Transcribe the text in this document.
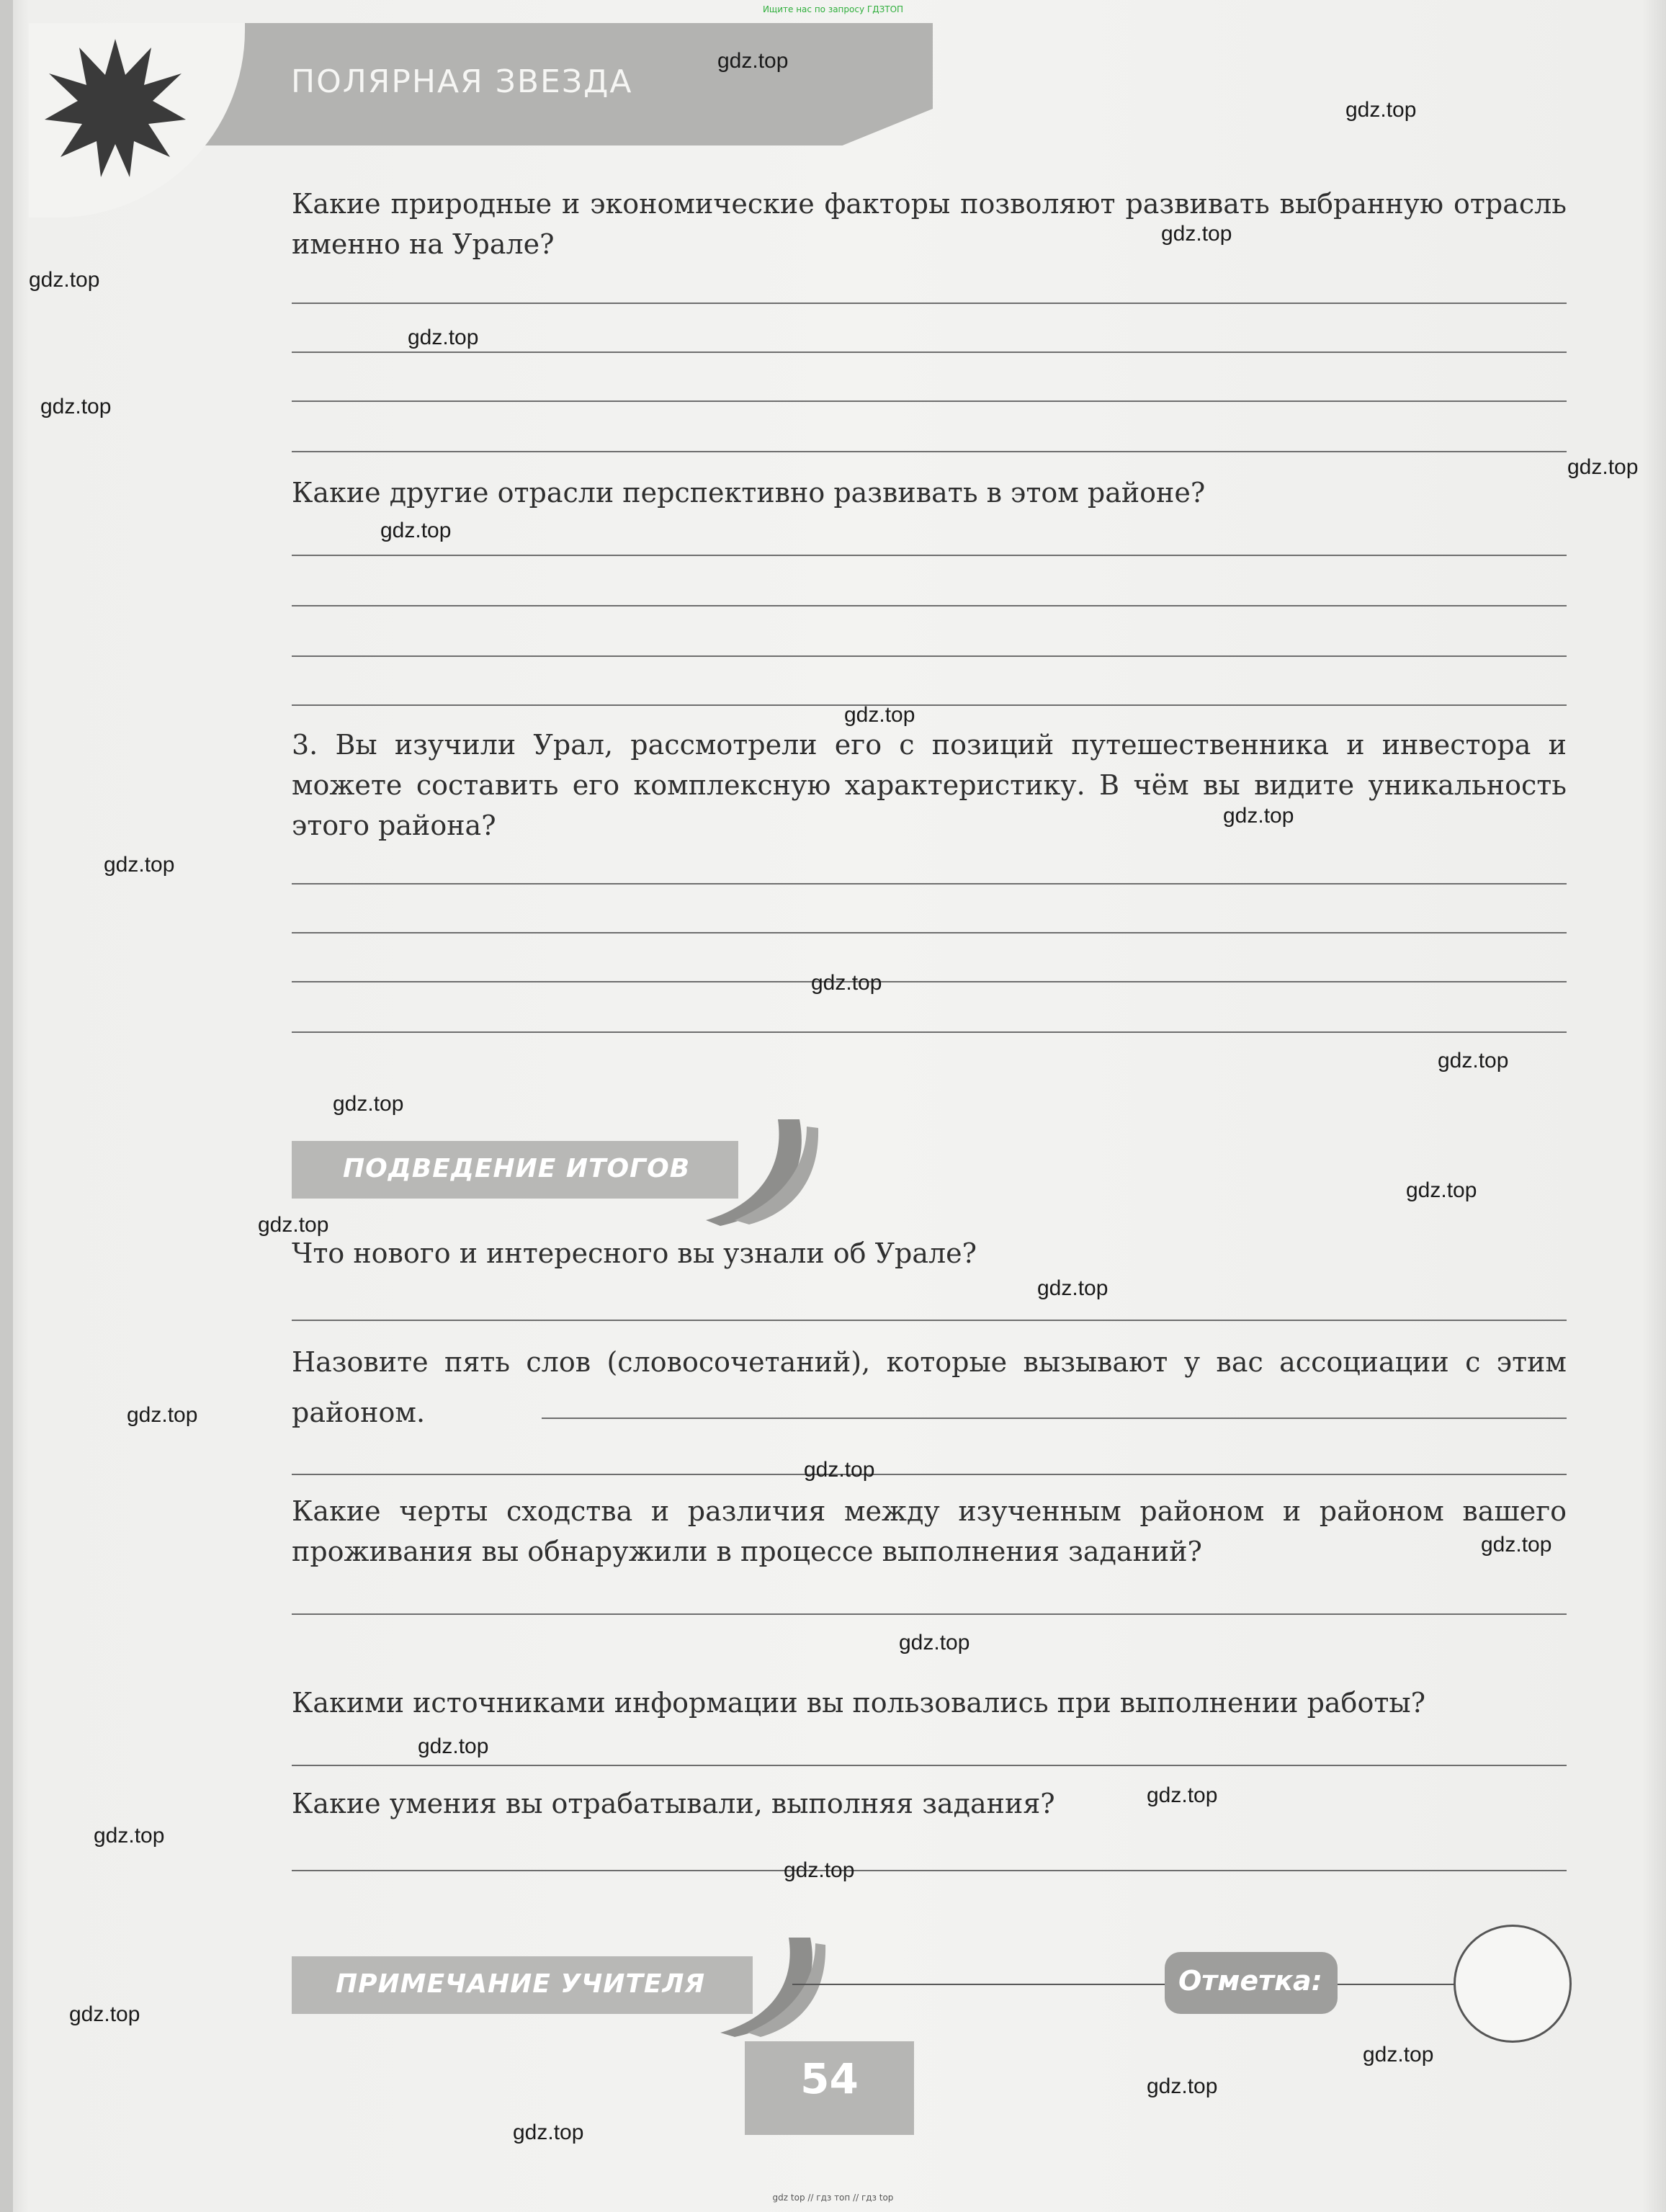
Ищите нас по запросу ГДЗТОП
ПОЛЯРНАЯ ЗВЕЗДА
Какие природные и экономические факторы позволяют развивать выбранную отрасль именно на Урале?
Какие другие отрасли перспективно развивать в этом районе?
3. Вы изучили Урал, рассмотрели его с позиций путешественника и инвестора и можете составить его комплексную характеристику. В чём вы видите уникальность этого района?
ПОДВЕДЕНИЕ ИТОГОВ
Что нового и интересного вы узнали об Урале?
Назовите пять слов (словосочетаний), которые вызывают у вас ассоциации с этим районом.
Какие черты сходства и различия между изученным районом и районом вашего проживания вы обнаружили в процессе выполнения заданий?
Какими источниками информации вы пользовались при выполнении работы?
Какие умения вы отрабатывали, выполняя задания?
ПРИМЕЧАНИЕ УЧИТЕЛЯ	Отметка:
54
gdz.top
gdz.top
gdz.top
gdz.top
gdz.top
gdz.top
gdz.top
gdz.top
gdz.top
gdz.top
gdz.top
gdz.top
gdz.top
gdz.top
gdz.top
gdz.top
gdz.top
gdz.top
gdz.top
gdz.top
gdz.top
gdz.top
gdz.top
gdz.top
gdz.top
gdz.top
gdz.top
gdz.top
gdz.top
gdz top // гдз топ // гдз top
